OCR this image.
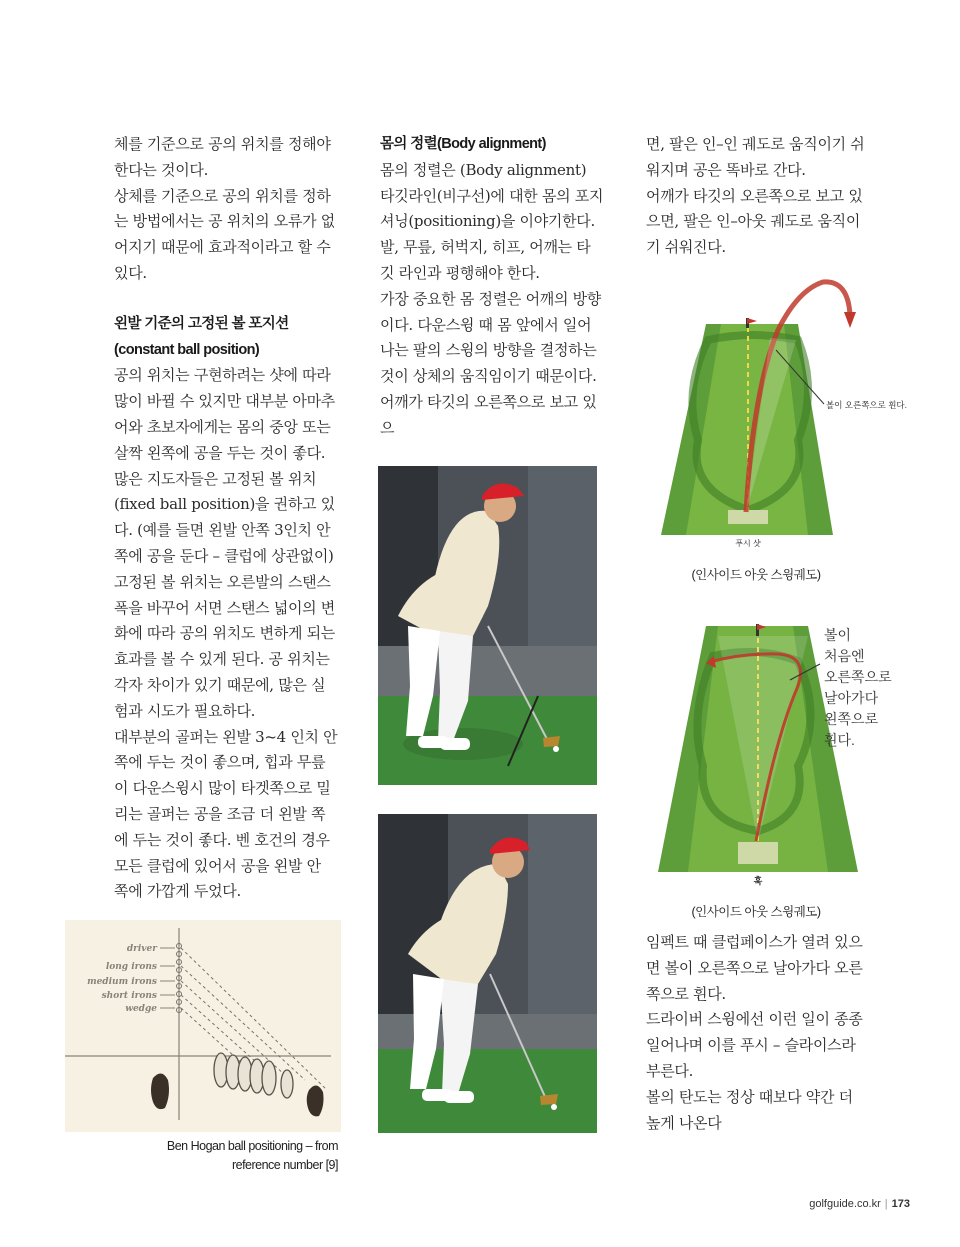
체를 기준으로 공의 위치를 정해야 한다는 것이다.

상체를 기준으로 공의 위치를 정하는 방법에서는 공 위치의 오류가 없어지기 때문에 효과적이라고 할 수 있다.

왼발 기준의 고정된 볼 포지션
(constant ball position)

공의 위치는 구현하려는 샷에 따라 많이 바뀔 수 있지만 대부분 아마추어와 초보자에게는 몸의 중앙 또는 살짝 왼쪽에 공을 두는 것이 좋다.

많은 지도자들은 고정된 볼 위치(fixed ball position)을 권하고 있다. (예를 들면 왼발 안쪽 3인치 안쪽에 공을 둔다 – 클럽에 상관없이) 고정된 볼 위치는 오른발의 스탠스 폭을 바꾸어 서면 스탠스 넓이의 변화에 따라 공의 위치도 변하게 되는 효과를 볼 수 있게 된다. 공 위치는 각자 차이가 있기 때문에, 많은 실험과 시도가 필요하다.

대부분의 골퍼는 왼발 3~4 인치 안쪽에 두는 것이 좋으며, 힙과 무릎이 다운스윙시 많이 타겟쪽으로 밀리는 골퍼는 공을 조금 더 왼발 쪽에 두는 것이 좋다. 벤 호건의 경우 모든 클럽에 있어서 공을 왼발 안 쪽에 가깝게 두었다.

몸의 정렬(Body alignment)

몸의 정렬은 (Body alignment) 타깃라인(비구선)에 대한 몸의 포지셔닝(positioning)을 이야기한다. 발, 무릎, 허벅지, 히프, 어깨는 타깃 라인과 평행해야 한다.

가장 중요한 몸 정렬은 어깨의 방향이다. 다운스윙 때 몸 앞에서 일어나는 팔의 스윙의 방향을 결정하는 것이 상체의 움직임이기 때문이다.

어깨가 타깃의 오른쪽으로 보고 있으

면, 팔은 인–인 궤도로 움직이기 쉬워지며 공은 똑바로 간다.

어깨가 타깃의 오른쪽으로 보고 있으면, 팔은 인–아웃 궤도로 움직이기 쉬워진다.

임펙트 때 클럽페이스가 열려 있으면 볼이 오른쪽으로 날아가다 오른쪽으로 휜다.

드라이버 스윙에선 이런 일이 종종 일어나며 이를 푸시 – 슬라이스라 부른다.

볼의 탄도는 정상 때보다 약간 더 높게 나온다

볼이 오른쪽으로 휜다.
푸시 샷
(인사이드 아웃 스윙궤도)
볼이 처음엔 오른쪽으로 날아가다 왼쪽으로 휜다.
훅
(인사이드 아웃 스윙궤도)
driver
long irons
medium irons
short irons
wedge
Ben Hogan ball positioning – from
reference number [9]
golfguide.co.kr | 173
